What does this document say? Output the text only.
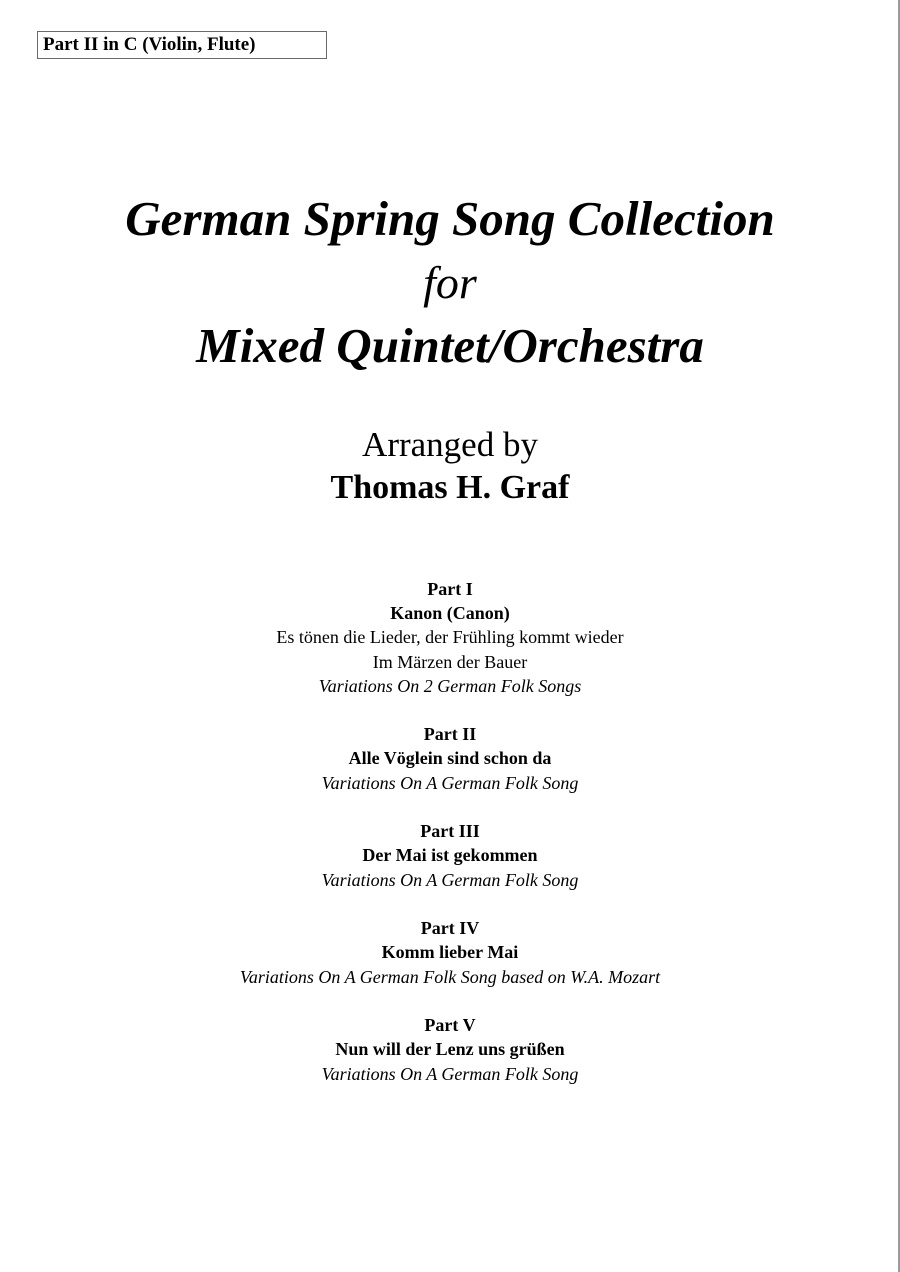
Part II in C (Violin, Flute)
German Spring Song Collection
for
Mixed Quintet/Orchestra
Arranged by
Thomas H. Graf
Part I
Kanon (Canon)
Es tönen die Lieder, der Frühling kommt wieder
Im Märzen der Bauer
Variations On 2 German Folk Songs
Part II
Alle Vöglein sind schon da
Variations On A German Folk Song
Part III
Der Mai ist gekommen
Variations On A German Folk Song
Part IV
Komm lieber Mai
Variations On A German Folk Song based on W.A. Mozart
Part V
Nun will der Lenz uns grüßen
Variations On A German Folk Song
